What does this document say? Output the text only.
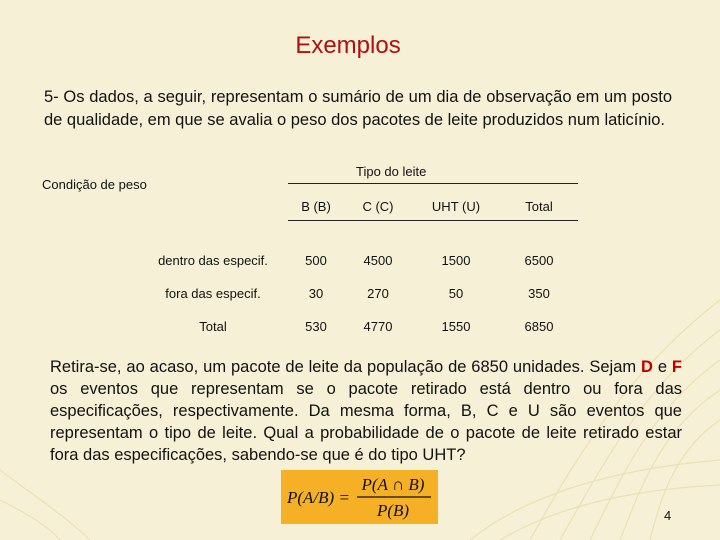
Exemplos
5- Os dados, a seguir, representam o sumário de um dia de observação em um posto de qualidade, em que se avalia o peso dos pacotes de leite produzidos num laticínio.
Condição de peso
Tipo do leite
B (B)	C (C)	UHT (U)	Total
dentro das especif.	500	4500	1500	6500
fora das especif.	30	270	50	350
Total	530	4770	1550	6850
Retira-se, ao acaso, um pacote de leite da população de 6850 unidades. Sejam D e F os eventos que representam se o pacote retirado está dentro ou fora das especificações, respectivamente. Da mesma forma, B, C e U são eventos que representam o tipo de leite. Qual a probabilidade de o pacote de leite retirado estar fora das especificações, sabendo-se que é do tipo UHT?
P(A/B) =
P(A ∩ B)
P(B)	4
